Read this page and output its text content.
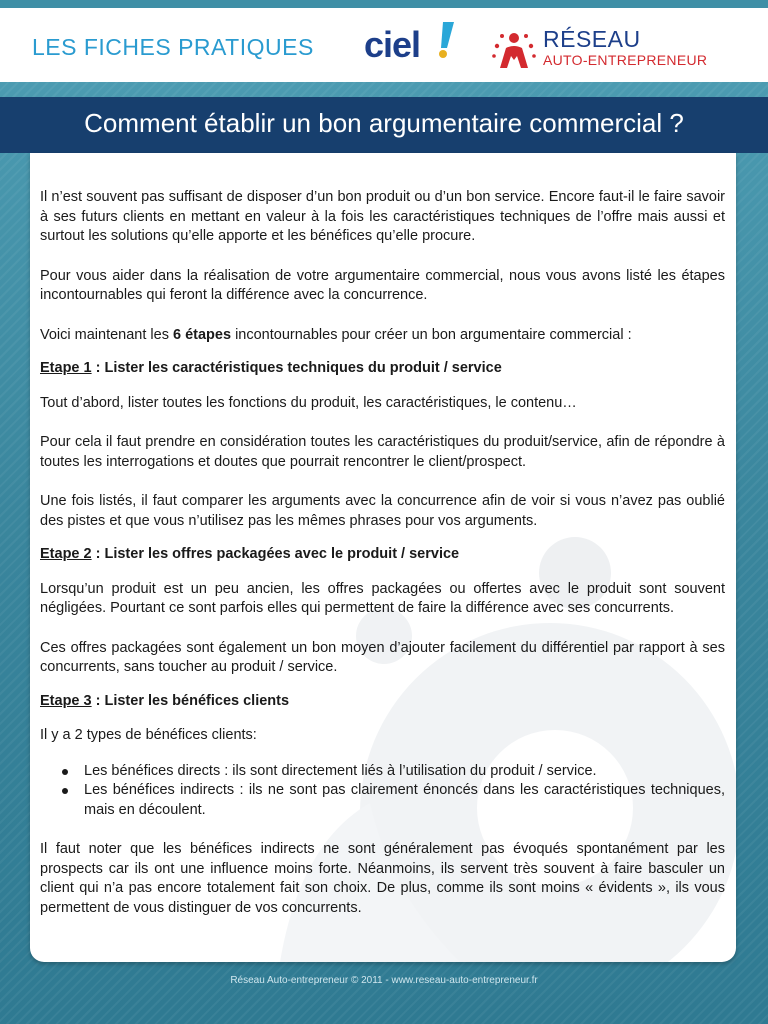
LES FICHES PRATIQUES ciel	RÉSEAU
AUTO-ENTREPRENEUR
Comment établir un bon argumentaire commercial ?

Il n’est souvent pas suffisant de disposer d’un bon produit ou d’un bon service. Encore faut-il le faire savoir à ses futurs clients en mettant en valeur à la fois les caractéristiques techniques de l’offre mais aussi et surtout les solutions qu’elle apporte et les bénéfices qu’elle procure.

Pour vous aider dans la réalisation de votre argumentaire commercial, nous vous avons listé les étapes incontournables qui feront la différence avec la concurrence.

Voici maintenant les 6 étapes incontournables pour créer un bon argumentaire commercial :

Etape 1 : Lister les caractéristiques techniques du produit / service

Tout d’abord, lister toutes les fonctions du produit, les caractéristiques, le contenu…

Pour cela il faut prendre en considération toutes les caractéristiques du produit/service, afin de répondre à toutes les interrogations et doutes que pourrait rencontrer le client/prospect.

Une fois listés, il faut comparer les arguments avec la concurrence afin de voir si vous n’avez pas oublié des pistes et que vous n’utilisez pas les mêmes phrases pour vos arguments.

Etape 2 : Lister les offres packagées avec le produit / service

Lorsqu’un produit est un peu ancien, les offres packagées ou offertes avec le produit sont souvent négligées. Pourtant ce sont parfois elles qui permettent de faire la différence avec ses concurrents.

Ces offres packagées sont également un bon moyen d’ajouter facilement du différentiel par rapport à ses concurrents, sans toucher au produit / service.

Etape 3 : Lister les bénéfices clients

Il y a 2 types de bénéfices clients:

Les bénéfices directs : ils sont directement liés à l’utilisation du produit / service.
Les bénéfices indirects : ils ne sont pas clairement énoncés dans les caractéristiques techniques, mais en découlent.

Il faut noter que les bénéfices indirects ne sont généralement pas évoqués spontanément par les prospects car ils ont une influence moins forte. Néanmoins, ils servent très souvent à faire basculer un client qui n’a pas encore totalement fait son choix. De plus, comme ils sont moins « évidents », ils vous permettent de vous distinguer de vos concurrents.

Réseau Auto-entrepreneur © 2011 - www.reseau-auto-entrepreneur.fr
